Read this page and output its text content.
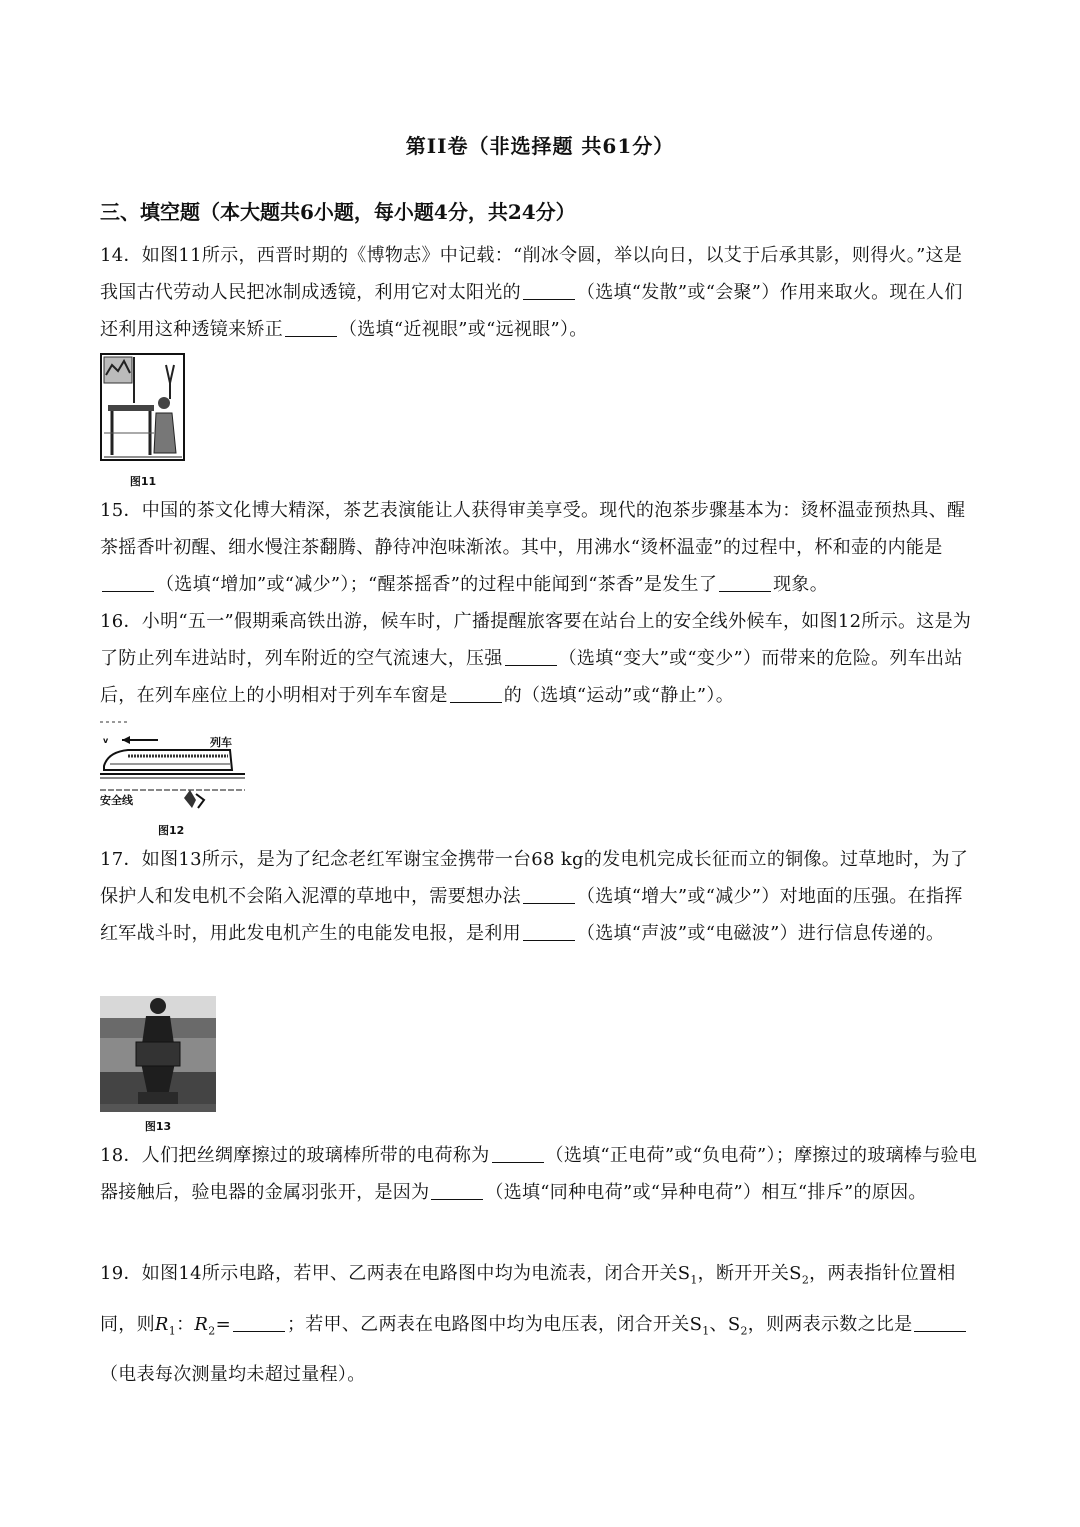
第II卷（非选择题 共61分）
三、填空题（本大题共6小题，每小题4分，共24分）
14．如图11所示，西晋时期的《博物志》中记载：“削冰令圆，举以向日，以艾于后承其影，则得火。”这是我国古代劳动人民把冰制成透镜，利用它对太阳光的	（选填“发散”或“会聚”）作用来取火。现在人们还利用这种透镜来矫正	（选填“近视眼”或“远视眼”）。
图11
15．中国的茶文化博大精深，茶艺表演能让人获得审美享受。现代的泡茶步骤基本为：烫杯温壶预热具、醒茶摇香叶初醒、细水慢注茶翻腾、静待冲泡味渐浓。其中，用沸水“烫杯温壶”的过程中，杯和壶的内能是（选填“增加”或“减少”）；“醒茶摇香”的过程中能闻到“茶香”是发生了	现象。
16．小明“五一”假期乘高铁出游，候车时，广播提醒旅客要在站台上的安全线外候车，如图12所示。这是为了防止列车进站时，列车附近的空气流速大，压强	（选填“变大”或“变少”）而带来的危险。列车出站后，在列车座位上的小明相对于列车车窗是	的（选填“运动”或“静止”）。
v	列车
安全线
图12
17．如图13所示，是为了纪念老红军谢宝金携带一台68 kg的发电机完成长征而立的铜像。过草地时，为了保护人和发电机不会陷入泥潭的草地中，需要想办法	（选填“增大”或“减少”）对地面的压强。在指挥红军战斗时，用此发电机产生的电能发电报，是利用	（选填“声波”或“电磁波”）进行信息传递的。
图13
18．人们把丝绸摩擦过的玻璃棒所带的电荷称为	（选填“正电荷”或“负电荷”）；摩擦过的玻璃棒与验电器接触后，验电器的金属羽张开，是因为	（选填“同种电荷”或“异种电荷”）相互“排斥”的原因。
19．如图14所示电路，若甲、乙两表在电路图中均为电流表，闭合开关$S_1$，断开开关$S_2$，两表指针位置相同，则$R_1$：$R_2=$	；若甲、乙两表在电路图中均为电压表，闭合开关$S_1$、$S_2$，则两表示数之比是（电表每次测量均未超过量程）。
